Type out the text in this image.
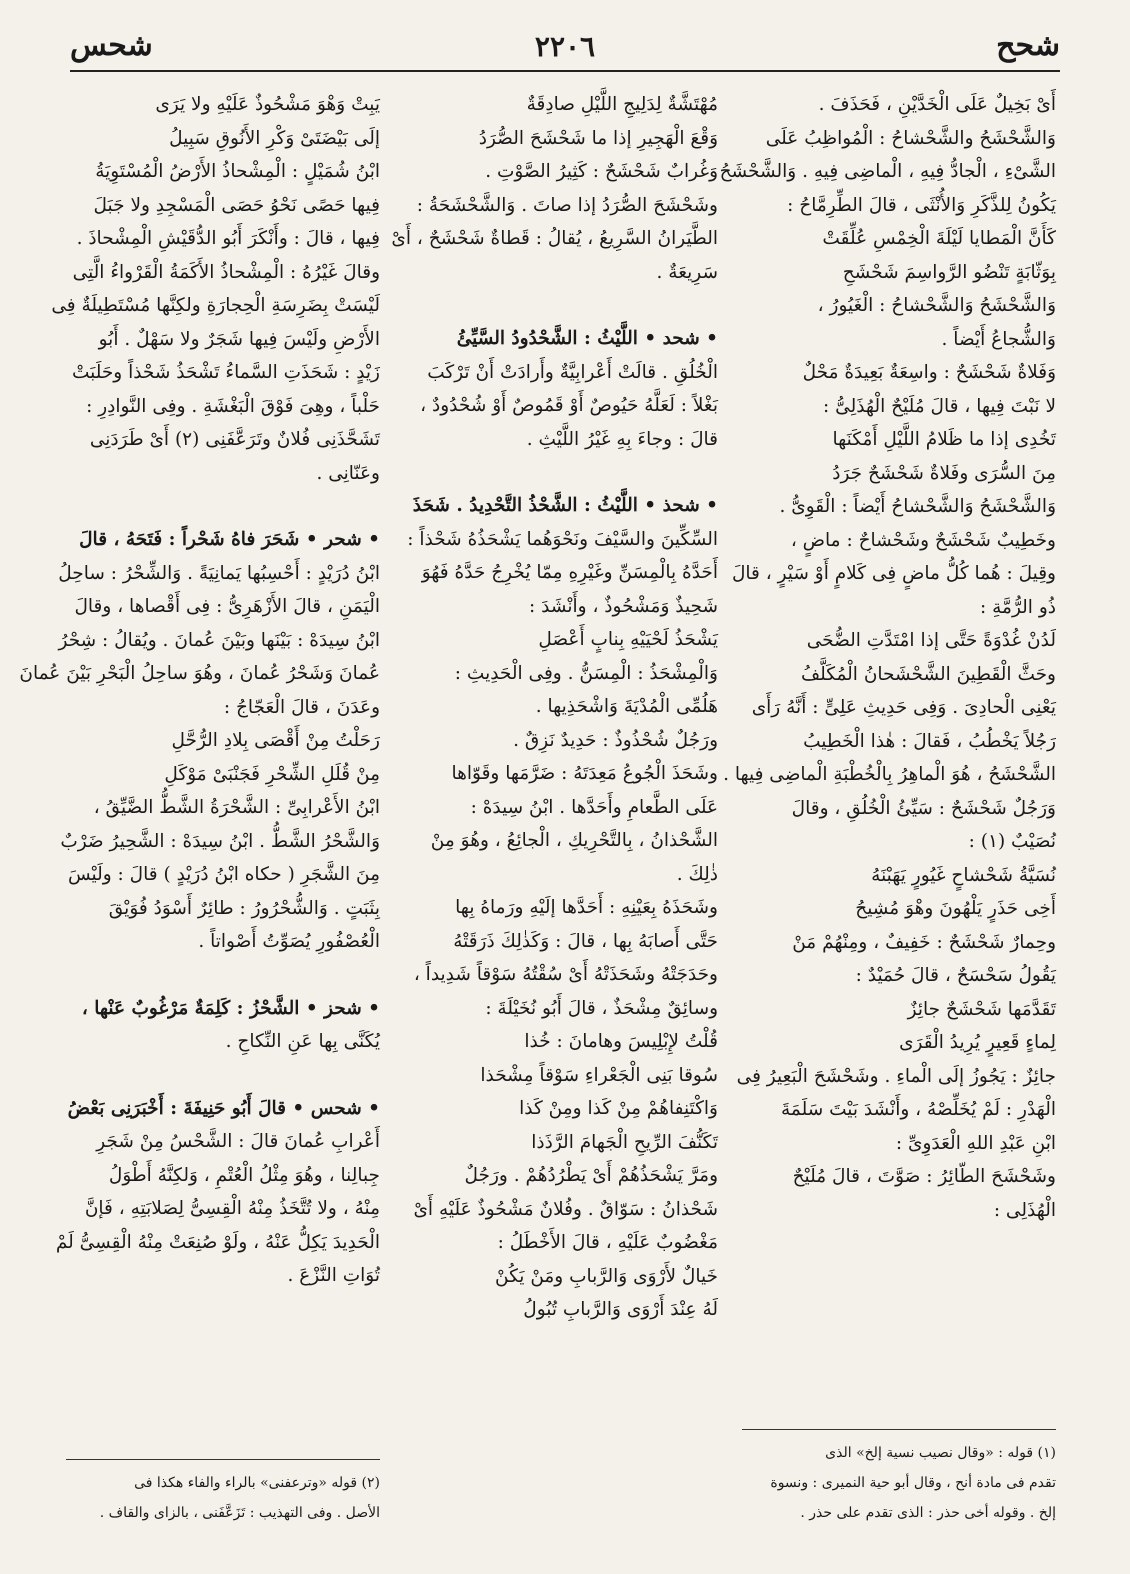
شحح
٢٢٠٦
شحس
أَىْ بَخِيلٌ عَلَى الْخَدَّيْنِ ، فَحَذَفَ .
وَالشَّحْشَحُ والشَّحْشاحُ : الْمُواظِبُ عَلَى
الشَّىْءِ ، الْجادُّ فِيهِ ، الْماضِى فِيهِ . وَالشَّحْشَحُ
يَكُونُ لِلذَّكَرِ وَالأُنْثَى ، قالَ الطِّرِمَّاحُ :
كَأَنَّ الْمَطايا لَيْلَةَ الْخِمْسِ عُلِّقَتْ
بِوَثّابَةٍ تَنْضُو الرَّواسِمَ شَحْشَحِ
وَالشَّحْشَحُ وَالشَّحْشاحُ : الْغَيُورُ ،
وَالشُّجاعُ أَيْضاً .
وَفَلاةٌ شَحْشَحٌ : واسِعَةٌ بَعِيدَةٌ مَحْلٌ
لا نَبْتَ فِيها ، قالَ مُلَيْحٌ الْهُذَلِىُّ :
تَخُدِى إذا ما ظَلامُ اللَّيْلِ أَمْكَنَها
مِنَ السُّرَى وفَلاةٌ شَحْشَحٌ جَرَدُ
وَالشَّحْشَحُ وَالشَّحْشاحُ أَيْضاً : الْقَوِىُّ .
وخَطِيبٌ شَحْشَحٌ وشَحْشاحٌ : ماضٍ ،
وقِيلَ : هُما كُلُّ ماضٍ فِى كَلامٍ أَوْ سَيْرٍ ، قالَ
ذُو الرُّمَّةِ :
لَدُنْ غُدْوَةً حَتَّى إذا امْتَدَّتِ الضُّحَى
وحَثَّ الْقَطِينَ الشَّحْشَحانُ الْمُكَلَّفُ
يَعْنِى الْحادِىَ . وَفِى حَدِيثِ عَلِىٍّ : أَنَّهُ رَأَى
رَجُلاً يَخْطُبُ ، فَقالَ : هٰذا الْخَطِيبُ
الشَّحْشَحُ ، هُوَ الْماهِرُ بِالْخُطْبَةِ الْماضِى فِيها .
وَرَجُلٌ شَحْشَحٌ : سَيِّئُ الْخُلُقِ ، وقالَ
نُصَيْبٌ (١) :
نُسَيَّةُ شَحْشاحٍ غَيُورٍ يَهَبْنَهُ
أَخِى حَذَرٍ يَلْهُونَ وهْوَ مُشِيحُ
وحِمارٌ شَحْشَحٌ : خَفِيفٌ ، ومِنْهُمْ مَنْ
يَقُولُ سَحْسَحٌ ، قالَ حُمَيْدٌ :
تَقَدَّمَها شَحْشَحٌ جائِزٌ
لِماءٍ قَعِيرٍ يُرِيدُ الْقَرَى
جائِزٌ : يَجُوزُ إلَى الْماءِ . وشَحْشَحَ الْبَعِيرُ فِى
الْهَدْرِ : لَمْ يُخَلِّصْهُ ، وأَنْشَدَ بَيْتَ سَلَمَةَ
ابْنِ عَبْدِ اللهِ الْعَدَوِىِّ :
وشَحْشَحَ الطّائِرُ : صَوَّتَ ، قالَ مُلَيْحٌ
الْهُذَلِى :
(١) قوله : «وقال نصيب نسية إلخ» الذى
تقدم فى مادة أنح ، وقال أبو حية النميرى : ونسوة
إلخ . وقوله أخى حذر : الذى تقدم على حذر .
مُهْتَشَّةٌ لِدَلِيجِ اللَّيْلِ صادِقَةٌ
وَقْعَ الْهَجِيرِ إذا ما شَحْشَحَ الصُّرَدُ
وَغُرابٌ شَحْشَحٌ : كَثِيرُ الصَّوْتِ .
وشَحْشَحَ الصُّرَدُ إذا صاتَ . وَالشَّحْشَحَةُ :
الطَّيَرانُ السَّرِيعُ ، يُقالُ : قَطاةٌ شَحْشَحٌ ، أَىْ
سَرِيعَةٌ .
• شحد • اللَّيْثُ : الشَّحْدُودُ السَّيِّئُ
الْخُلُقِ . قالَتْ أَعْرابِيَّةٌ وأَرادَتْ أَنْ تَرْكَبَ
بَغْلاً : لَعَلَّهُ حَيُوصٌ أَوْ قَمُوصٌ أَوْ شُحْدُودٌ ،
قالَ : وجاءَ بِهِ غَيْرُ اللَّيْثِ .
• شحذ • اللَّيْثُ : الشَّحْذُ التَّحْدِيدُ . شَحَذَ
السِّكِّينَ والسَّيْفَ ونَحْوَهُما يَشْحَذُهُ شَحْذاً :
أَحَدَّهُ بِالْمِسَنِّ وغَيْرِهِ مِمّا يُخْرِجُ حَدَّهُ فَهُوَ
شَحِيذٌ وَمَشْحُوذٌ ، وأَنْشَدَ :
يَشْحَذُ لَحْيَيْهِ بِنابٍ أَعْصَلِ
وَالْمِشْحَذُ : الْمِسَنُّ . وفِى الْحَدِيثِ :
هَلُمِّى الْمُدْيَةَ وَاشْحَذِيها .
ورَجُلٌ شُحْذُوذٌ : حَدِيدٌ نَزِقٌ .
وشَحَذَ الْجُوعُ مَعِدَتَهُ : ضَرَّمَها وقَوّاها
عَلَى الطَّعامِ وأَحَدَّها . ابْنُ سِيدَهْ :
الشَّحْذانُ ، بِالتَّحْرِيكِ ، الْجائِعُ ، وهُوَ مِنْ
ذٰلِكَ .
وشَحَذَهُ بِعَيْنِهِ : أَحَدَّها إلَيْهِ ورَماهُ بِها
حَتَّى أَصابَهُ بِها ، قالَ : وَكَذٰلِكَ ذَرَقَتْهُ
وحَدَجَتْهُ وشَحَذَتْهُ أَىْ سُقْتُهُ سَوْقاً شَدِيداً ،
وسائِقٌ مِشْحَذٌ ، قالَ أَبُو نُخَيْلَةَ :
قُلْتُ لإِبْلِيسَ وهامانَ : خُذا
سُوقا بَنِى الْجَعْراءِ سَوْقاً مِشْحَذا
وَاكْتَنِفاهُمْ مِنْ كَذا ومِنْ كَذا
تَكَنُّفَ الرِّيحِ الْجَهامَ الرَّذَذا
ومَرَّ يَشْحَذُهُمْ أَىْ يَطْرُدُهُمْ . ورَجُلٌ
شَحْذانُ : سَوّاقٌ . وفُلانٌ مَشْحُوذٌ عَلَيْهِ أَىْ
مَغْضُوبٌ عَلَيْهِ ، قالَ الأَخْطَلُ :
خَيالٌ لأَرْوَى وَالرَّبابِ ومَنْ يَكُنْ
لَهُ عِنْدَ أَرْوَى وَالرَّبابِ تُبُولُ
يَبِتْ وَهْوَ مَشْحُوذٌ عَلَيْهِ ولا يَرَى
إلَى بَيْضَتَىْ وَكْرِ الأَنُوقِ سَبِيلُ
ابْنُ شُمَيْلٍ : الْمِشْحاذُ الأَرْضُ الْمُسْتَوِيَةُ
فِيها حَصًى نَحْوُ حَصَى الْمَسْجِدِ ولا جَبَلَ
فِيها ، قالَ : وأَنْكَرَ أَبُو الدُّقَيْشِ الْمِشْحاذَ .
وقالَ غَيْرُهُ : الْمِشْحاذُ الأَكَمَةُ الْقَرْواءُ الَّتِى
لَيْسَتْ بِضَرِسَةِ الْحِجارَةِ ولكِنَّها مُسْتَطِيلَةٌ فِى
الأَرْضِ ولَيْسَ فِيها شَجَرٌ ولا سَهْلٌ . أَبُو
زَيْدٍ : شَحَذَتِ السَّماءُ تَشْحَذُ شَحْذاً وحَلَبَتْ
حَلْباً ، وهِىَ فَوْقَ الْبَغْشَةِ . وفِى النَّوادِرِ :
تَشَحَّذَنِى فُلانٌ وتَرَعَّفَنِى (٢) أَىْ طَرَدَنِى
وعَنّانِى .
• شحر • شَحَرَ فاهُ شَحْراً : فَتَحَهُ ، قالَ
ابْنُ دُرَيْدٍ : أَحْسِبُها يَمانِيَةً . وَالشِّحْرُ : ساحِلُ
الْيَمَنِ ، قالَ الأَزْهَرِىُّ : فِى أَقْصاها ، وقالَ
ابْنُ سِيدَهْ : بَيْنَها وبَيْنَ عُمانَ . ويُقالُ : شِحْرُ
عُمانَ وَشَحْرُ عُمانَ ، وهُوَ ساحِلُ الْبَحْرِ بَيْنَ عُمانَ
وعَدَنَ ، قالَ الْعَجّاجُ :
رَحَلْتُ مِنْ أَقْصَى بِلادِ الرُّحَّلِ
مِنْ قُلَلِ الشِّحْرِ فَجَنْبَىْ مَوْكَلِ
ابْنُ الأَعْرابِىِّ : الشَّحْرَةُ الشَّطُّ الضَّيِّقُ ،
وَالشَّحْرُ الشَّطُّ . ابْنُ سِيدَهْ : الشَّحِيرُ ضَرْبٌ
مِنَ الشَّجَرِ ( حكاه ابْنُ دُرَيْدٍ ) قالَ : ولَيْسَ
بِثَبَتٍ . وَالشُّحْرُورُ : طائِرٌ أَسْوَدُ فُوَيْقَ
الْعُصْفُورِ يُصَوِّتُ أَصْواتاً .
• شحز • الشَّحْزُ : كَلِمَةٌ مَرْغُوبٌ عَنْها ،
يُكَنَّى بِها عَنِ النِّكاحِ .
• شحس • قالَ أَبُو حَنِيفَةَ : أَخْبَرَنِى بَعْضُ
أَعْرابِ عُمانَ قالَ : الشَّحْسُ مِنْ شَجَرِ
جِبالِنا ، وهُوَ مِثْلُ الْعُتْمِ ، وَلكِنَّهُ أَطْوَلُ
مِنْهُ ، ولا تُتَّخَذُ مِنْهُ الْقِسِىُّ لِصَلابَتِهِ ، فَإنَّ
الْحَدِيدَ يَكِلُّ عَنْهُ ، ولَوْ صُنِعَتْ مِنْهُ الْقِسِىُّ لَمْ
تُوَاتِ النَّزْعَ .
(٢) قوله «وترعفنى» بالراء والفاء هكذا فى
الأصل . وفى التهذيب : تَزَعَّفَنى ، بالزاى والقاف .
